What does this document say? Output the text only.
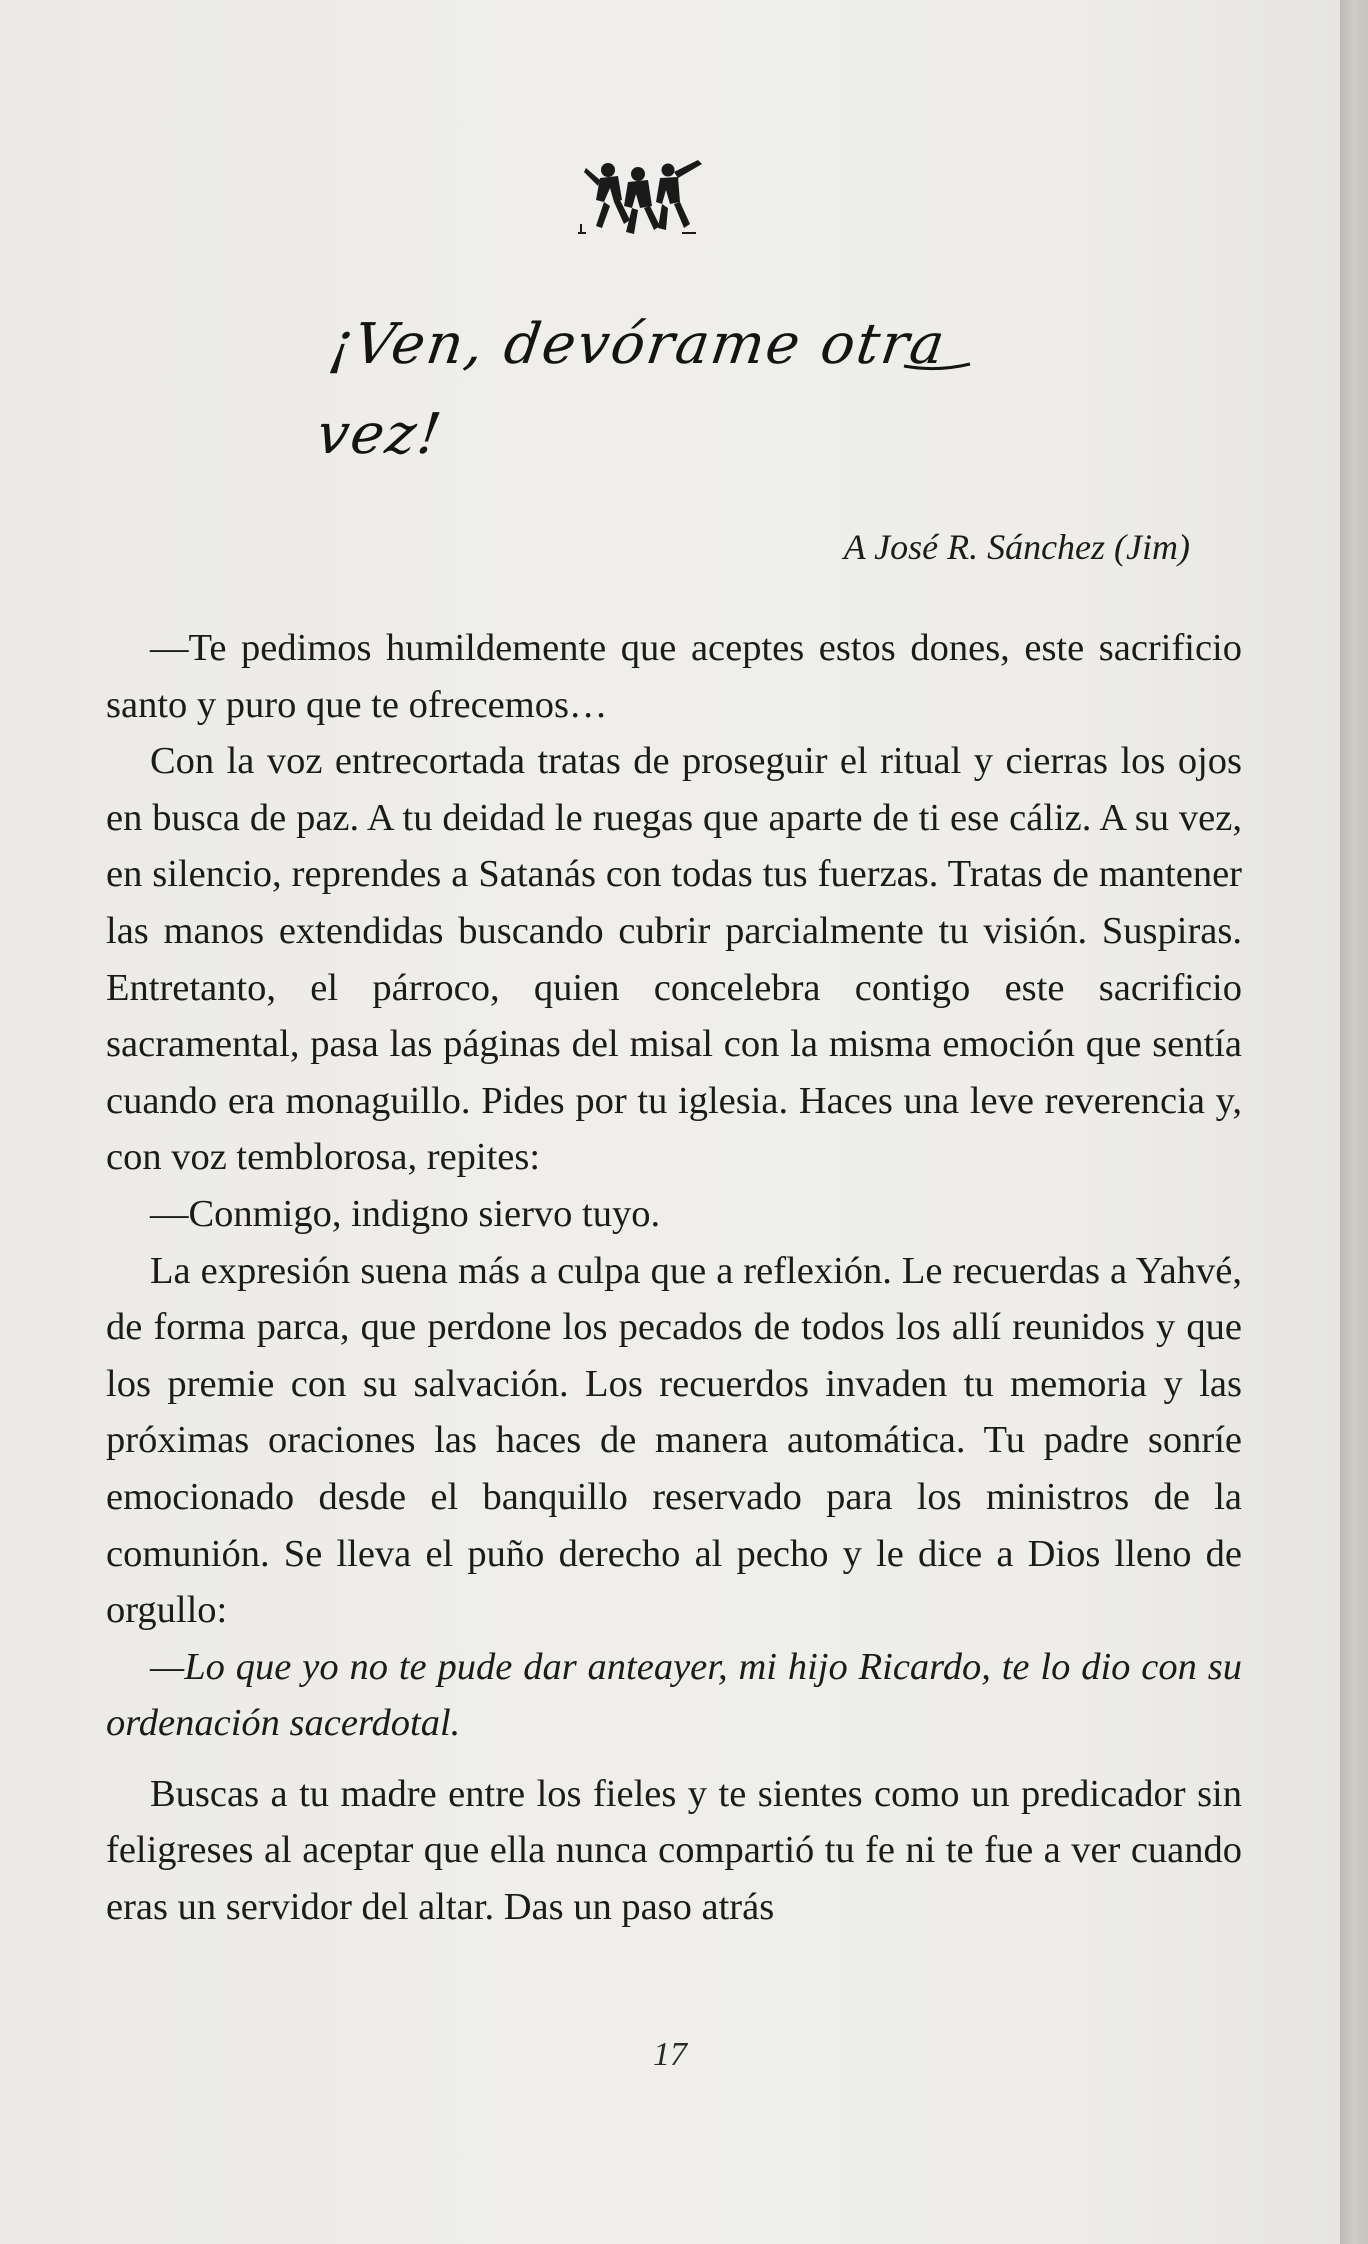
¡Ven, devórame otra vez!
A José R. Sánchez (Jim)

—Te pedimos humildemente que aceptes estos dones, este sacrificio santo y puro que te ofrecemos…

Con la voz entrecortada tratas de proseguir el ritual y cierras los ojos en busca de paz. A tu deidad le ruegas que aparte de ti ese cáliz. A su vez, en silencio, reprendes a Satanás con todas tus fuerzas. Tratas de mantener las manos extendidas buscando cubrir parcialmente tu visión. Suspiras. Entretanto, el párroco, quien concelebra contigo este sacrificio sacramental, pasa las páginas del misal con la misma emoción que sentía cuando era monaguillo. Pides por tu iglesia. Haces una leve reverencia y, con voz temblorosa, repites:

—Conmigo, indigno siervo tuyo.

La expresión suena más a culpa que a reflexión. Le recuerdas a Yahvé, de forma parca, que perdone los pecados de todos los allí reunidos y que los premie con su salvación. Los recuerdos invaden tu memoria y las próximas oraciones las haces de manera automática. Tu padre sonríe emocionado desde el banquillo reservado para los ministros de la comunión. Se lleva el puño derecho al pecho y le dice a Dios lleno de orgullo:

—Lo que yo no te pude dar anteayer, mi hijo Ricardo, te lo dio con su ordenación sacerdotal.

Buscas a tu madre entre los fieles y te sientes como un predicador sin feligreses al aceptar que ella nunca compartió tu fe ni te fue a ver cuando eras un servidor del altar. Das un paso atrás

17
